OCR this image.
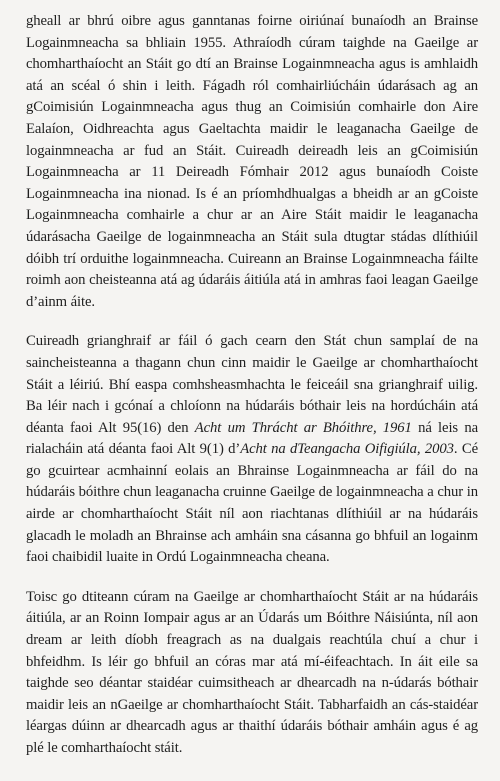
gheall ar bhrú oibre agus ganntanas foirne oiriúnaí bunaíodh an Brainse Logainmneacha sa bhliain 1955. Athraíodh cúram taighde na Gaeilge ar chomharthaíocht an Stáit go dtí an Brainse Logainmneacha agus is amhlaidh atá an scéal ó shin i leith. Fágadh ról comhairliúcháin údarásach ag an gCoimisiún Logainmneacha agus thug an Coimisiún comhairle don Aire Ealaíon, Oidhreachta agus Gaeltachta maidir le leaganacha Gaeilge de logainmneacha ar fud an Stáit. Cuireadh deireadh leis an gCoimisiún Logainmneacha ar 11 Deireadh Fómhair 2012 agus bunaíodh Coiste Logainmneacha ina nionad. Is é an príomhdhualgas a bheidh ar an gCoiste Logainmneacha comhairle a chur ar an Aire Stáit maidir le leaganacha údarásacha Gaeilge de logainmneacha an Stáit sula dtugtar stádas dlíthiúil dóibh trí orduithe logainmneacha. Cuireann an Brainse Logainmneacha fáilte roimh aon cheisteanna atá ag údaráis áitiúla atá in amhras faoi leagan Gaeilge d’ainm áite.

Cuireadh grianghraif ar fáil ó gach cearn den Stát chun samplaí de na saincheisteanna a thagann chun cinn maidir le Gaeilge ar chomharthaíocht Stáit a léiriú. Bhí easpa comhsheasmhachta le feiceáil sna grianghraif uilig. Ba léir nach i gcónaí a chloíonn na húdaráis bóthair leis na hordúcháin atá déanta faoi Alt 95(16) den Acht um Thrácht ar Bhóithre, 1961 ná leis na rialacháin atá déanta faoi Alt 9(1) d’Acht na dTeangacha Oifigiúla, 2003. Cé go gcuirtear acmhainní eolais an Bhrainse Logainmneacha ar fáil do na húdaráis bóithre chun leaganacha cruinne Gaeilge de logainmneacha a chur in airde ar chomharthaíocht Stáit níl aon riachtanas dlíthiúil ar na húdaráis glacadh le moladh an Bhrainse ach amháin sna cásanna go bhfuil an logainm faoi chaibidil luaite in Ordú Logainmneacha cheana.

Toisc go dtiteann cúram na Gaeilge ar chomharthaíocht Stáit ar na húdaráis áitiúla, ar an Roinn Iompair agus ar an Údarás um Bóithre Náisiúnta, níl aon dream ar leith díobh freagrach as na dualgais reachtúla chuí a chur i bhfeidhm. Is léir go bhfuil an córas mar atá mí-éifeachtach. In áit eile sa taighde seo déantar staidéar cuimsitheach ar dhearcadh na n-údarás bóthair maidir leis an nGaeilge ar chomharthaíocht Stáit. Tabharfaidh an cás-staidéar léargas dúinn ar dhearcadh agus ar thaithí údaráis bóthair amháin agus é ag plé le comharthaíocht stáit.
